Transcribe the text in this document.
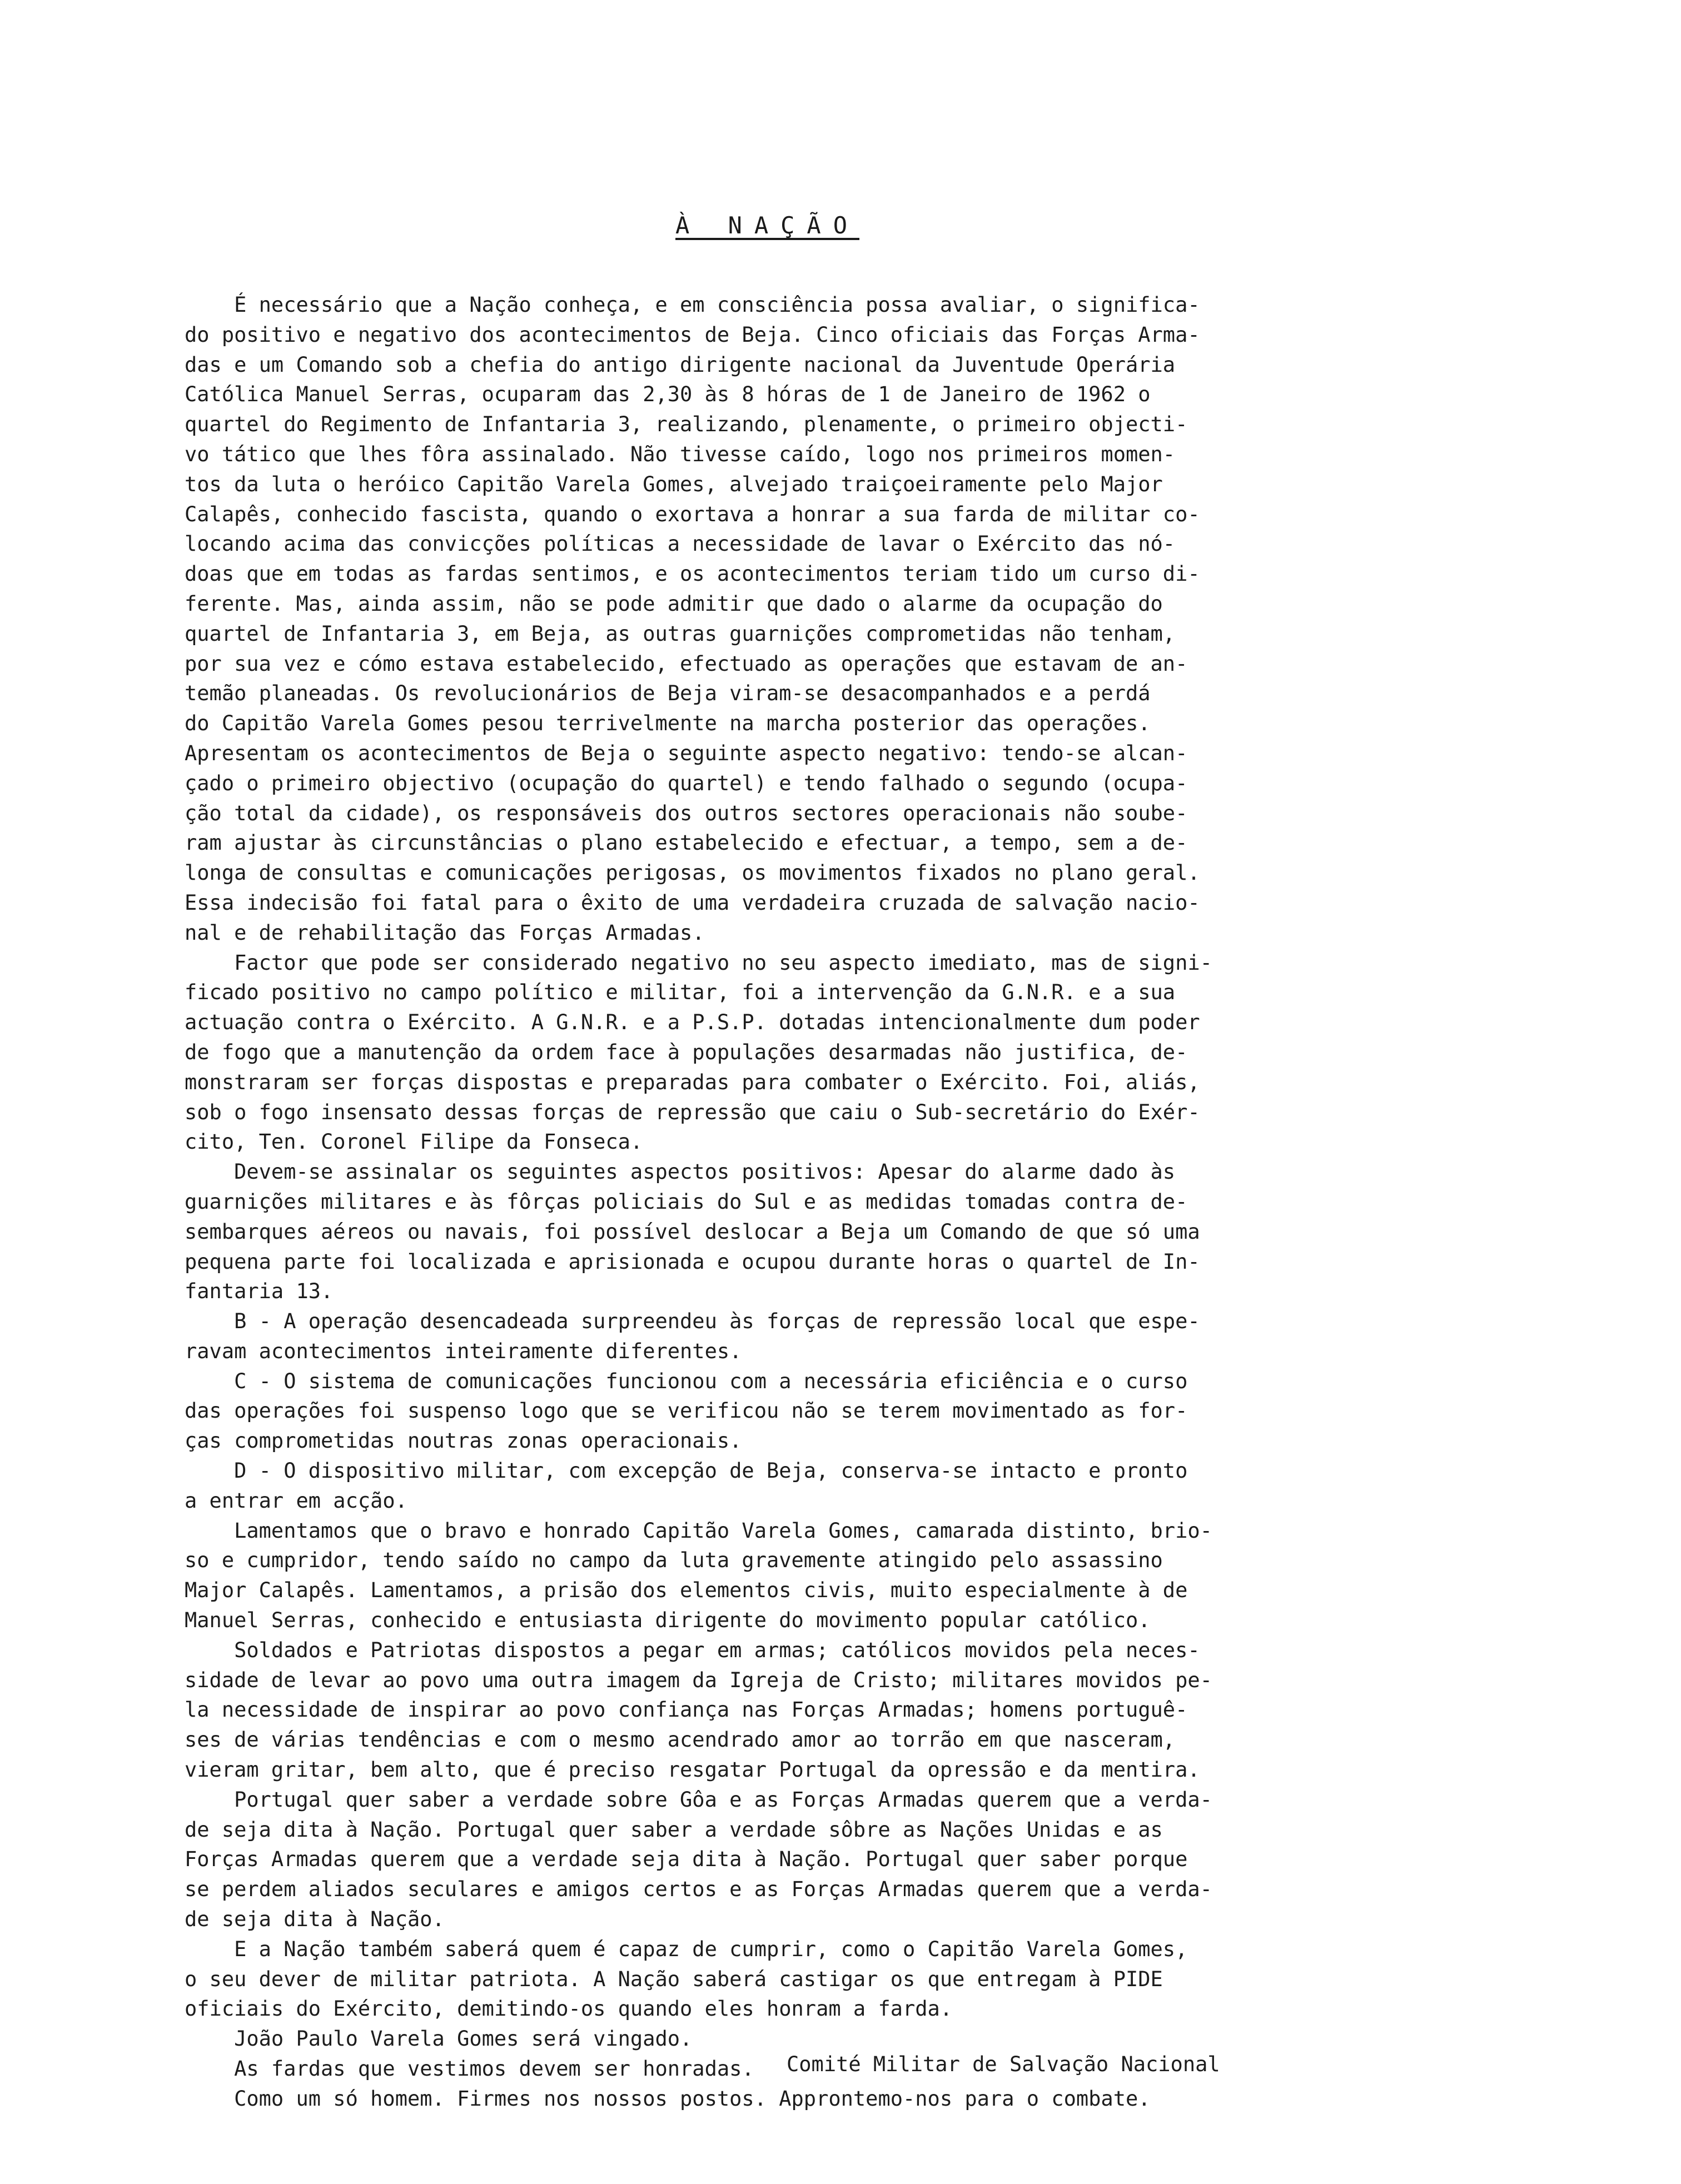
À NAÇÃO
É necessário que a Nação conheça, e em consciência possa avaliar, o significa-
do positivo e negativo dos acontecimentos de Beja. Cinco oficiais das Forças Arma-
das e um Comando sob a chefia do antigo dirigente nacional da Juventude Operária
Católica Manuel Serras, ocuparam das 2,30 às 8 hóras de 1 de Janeiro de 1962 o
quartel do Regimento de Infantaria 3, realizando, plenamente, o primeiro objecti-
vo tático que lhes fôra assinalado. Não tivesse caído, logo nos primeiros momen-
tos da luta o heróico Capitão Varela Gomes, alvejado traiçoeiramente pelo Major
Calapês, conhecido fascista, quando o exortava a honrar a sua farda de militar co-
locando acima das convicções políticas a necessidade de lavar o Exército das nó-
doas que em todas as fardas sentimos, e os acontecimentos teriam tido um curso di-
ferente. Mas, ainda assim, não se pode admitir que dado o alarme da ocupação do
quartel de Infantaria 3, em Beja, as outras guarnições comprometidas não tenham,
por sua vez e cómo estava estabelecido, efectuado as operações que estavam de an-
temão planeadas. Os revolucionários de Beja viram-se desacompanhados e a perdá
do Capitão Varela Gomes pesou terrivelmente na marcha posterior das operações.
Apresentam os acontecimentos de Beja o seguinte aspecto negativo: tendo-se alcan-
çado o primeiro objectivo (ocupação do quartel) e tendo falhado o segundo (ocupa-
ção total da cidade), os responsáveis dos outros sectores operacionais não soube-
ram ajustar às circunstâncias o plano estabelecido e efectuar, a tempo, sem a de-
longa de consultas e comunicações perigosas, os movimentos fixados no plano geral.
Essa indecisão foi fatal para o êxito de uma verdadeira cruzada de salvação nacio-
nal e de rehabilitação das Forças Armadas.
Factor que pode ser considerado negativo no seu aspecto imediato, mas de signi-
ficado positivo no campo político e militar, foi a intervenção da G.N.R. e a sua
actuação contra o Exército. A G.N.R. e a P.S.P. dotadas intencionalmente dum poder
de fogo que a manutenção da ordem face à populações desarmadas não justifica, de-
monstraram ser forças dispostas e preparadas para combater o Exército. Foi, aliás,
sob o fogo insensato dessas forças de repressão que caiu o Sub-secretário do Exér-
cito, Ten. Coronel Filipe da Fonseca.
Devem-se assinalar os seguintes aspectos positivos: Apesar do alarme dado às
guarnições militares e às fôrças policiais do Sul e as medidas tomadas contra de-
sembarques aéreos ou navais, foi possível deslocar a Beja um Comando de que só uma
pequena parte foi localizada e aprisionada e ocupou durante horas o quartel de In-
fantaria 13.
B - A operação desencadeada surpreendeu às forças de repressão local que espe-
ravam acontecimentos inteiramente diferentes.
C - O sistema de comunicações funcionou com a necessária eficiência e o curso
das operações foi suspenso logo que se verificou não se terem movimentado as for-
ças comprometidas noutras zonas operacionais.
D - O dispositivo militar, com excepção de Beja, conserva-se intacto e pronto
a entrar em acção.
Lamentamos que o bravo e honrado Capitão Varela Gomes, camarada distinto, brio-
so e cumpridor, tendo saído no campo da luta gravemente atingido pelo assassino
Major Calapês. Lamentamos, a prisão dos elementos civis, muito especialmente à de
Manuel Serras, conhecido e entusiasta dirigente do movimento popular católico.
Soldados e Patriotas dispostos a pegar em armas; católicos movidos pela neces-
sidade de levar ao povo uma outra imagem da Igreja de Cristo; militares movidos pe-
la necessidade de inspirar ao povo confiança nas Forças Armadas; homens portuguê-
ses de várias tendências e com o mesmo acendrado amor ao torrão em que nasceram,
vieram gritar, bem alto, que é preciso resgatar Portugal da opressão e da mentira.
Portugal quer saber a verdade sobre Gôa e as Forças Armadas querem que a verda-
de seja dita à Nação. Portugal quer saber a verdade sôbre as Nações Unidas e as
Forças Armadas querem que a verdade seja dita à Nação. Portugal quer saber porque
se perdem aliados seculares e amigos certos e as Forças Armadas querem que a verda-
de seja dita à Nação.
E a Nação também saberá quem é capaz de cumprir, como o Capitão Varela Gomes,
o seu dever de militar patriota. A Nação saberá castigar os que entregam à PIDE
oficiais do Exército, demitindo-os quando eles honram a farda.
João Paulo Varela Gomes será vingado.
As fardas que vestimos devem ser honradas.
Como um só homem. Firmes nos nossos postos. Approntemo-nos para o combate.
Comité Militar de Salvação Nacional
